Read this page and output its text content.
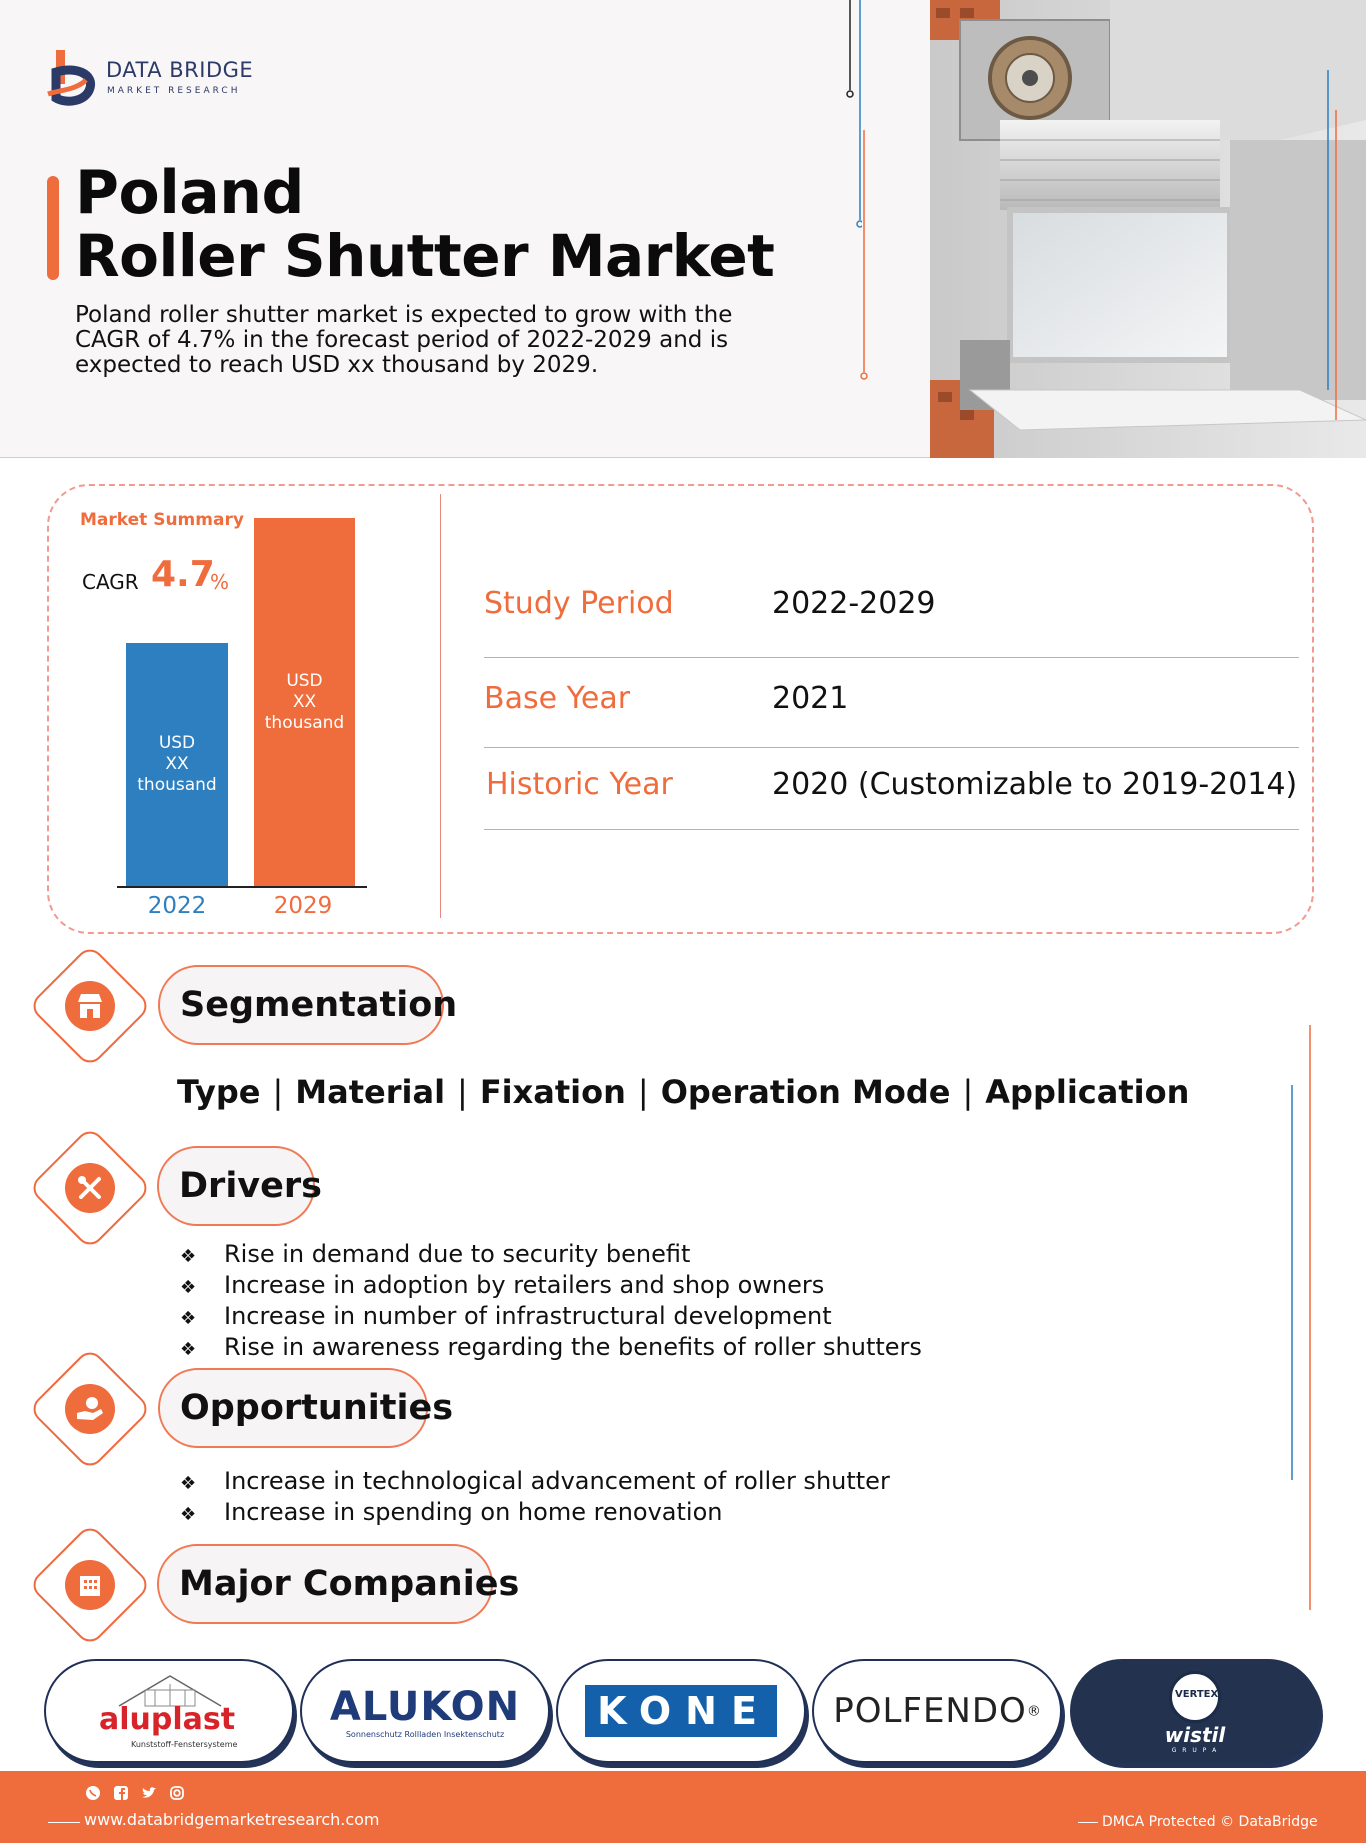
DATA BRIDGE
MARKET RESEARCH
Poland
Roller Shutter Market
Poland roller shutter market is expected to grow with the CAGR of 4.7% in the forecast period of 2022-2029 and is expected to reach USD xx thousand by 2029.
Market Summary
CAGR 4.7
%
USD
XX
thousand
USD
XX
thousand
2022	2029
Study Period	2022-2029
Base Year	2021
Historic Year	2020 (Customizable to 2019-2014)
Segmentation
Type | Material | Fixation | Operation Mode | Application
Drivers
❖ Rise in demand due to security benefit
❖ Increase in adoption by retailers and shop owners
❖ Increase in number of infrastructural development
❖ Rise in awareness regarding the benefits of roller shutters
Opportunities
❖ Increase in technological advancement of roller shutter
❖ Increase in spending on home renovation
Major Companies
aluplast
Kunststoff-Fenstersysteme
ALUKON
Sonnenschutz Rollladen Insektenschutz
KONE POLFENDO®
VERTEX
wistil
G R U P A
www.databridgemarketresearch.com	DMCA Protected © DataBridge
